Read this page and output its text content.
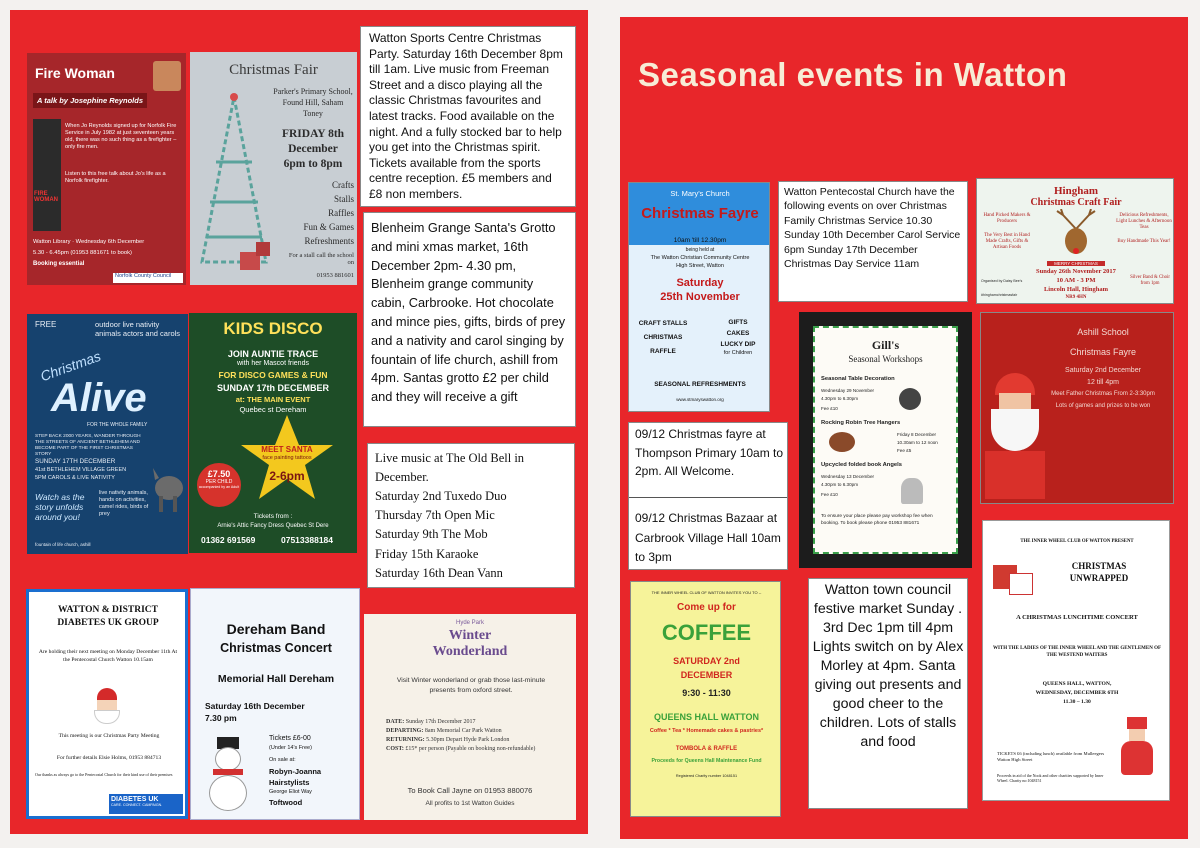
Fire Woman
A talk by Josephine Reynolds
FIRE WOMAN
When Jo Reynolds signed up for Norfolk Fire Service in July 1982 at just seventeen years old, there was no such thing as a firefighter – only fire men.
Listen to this free talk about Jo's life as a Norfolk firefighter.
Watton Library · Wednesday 6th December
5.30 - 6.45pm (01953 881671 to book)
Booking essential
Norfolk County Council
Christmas Fair
Parker's Primary School, Found Hill, Saham Toney
FRIDAY 8th
December
6pm to 8pm
Crafts
Stalls
Raffles
Fun & Games
Refreshments
For a stall call the school on
01953 881601
Watton Sports Centre Christmas Party. Saturday 16th December 8pm till 1am. Live music from Freeman Street and a disco playing all the classic Christmas favourites and latest tracks. Food available on the night. And a fully stocked bar to help you get into the Christmas spirit. Tickets available from the sports centre reception. £5 members and £8 non members.
Blenheim Grange Santa's Grotto and mini xmas market, 16th December 2pm- 4.30 pm, Blenheim grange community cabin, Carbrooke. Hot chocolate and mince pies, gifts, birds of prey and a nativity and carol singing by fountain of life church, ashill from 4pm. Santas grotto £2 per child and they will receive a gift
FREE	outdoor live nativity animals actors and carols
Christmas
Alive
FOR THE WHOLE FAMILY
STEP BACK 2000 YEARS, WANDER THROUGH THE STREETS OF ANCIENT BETHLEHEM AND BECOME PART OF THE FIRST CHRISTMAS STORY
SUNDAY 17TH DECEMBER
41st BETHLEHEM VILLAGE GREEN
5PM CAROLS & LIVE NATIVITY
Watch as the story unfolds around you!
live nativity animals, hands on activities, camel rides, birds of prey
fountain of life church, ashill
KIDS DISCO
JOIN AUNTIE TRACE
with her Mascot friends
FOR DISCO GAMES & FUN
SUNDAY 17th DECEMBER
at: THE MAIN EVENT
Quebec st Dereham
MEET SANTA
face painting tattoos
2-6pm
£7.50
PER CHILD
accompanied by an Adult
Tickets from :
Arnie's Attic Fancy Dress Quebec St Dere
01362 691569	07513388184
Live music at The Old Bell in December.
Saturday 2nd Tuxedo Duo
Thursday 7th Open Mic
Saturday 9th The Mob
Friday 15th Karaoke
Saturday 16th Dean Vann
WATTON & DISTRICT DIABETES UK GROUP
Are holding their next meeting on Monday December 11th At the Pentecostal Church Watton 10.15am
This meeting is our Christmas Party Meeting
For further details Elsie Holms, 01953 884713
Our thanks as always go to the Pentecostal Church for their kind use of their premises
DIABETES UK
CARE. CONNECT. CAMPAIGN.
Dereham Band
Christmas Concert
Memorial Hall Dereham
Saturday 16th December
7.30 pm
Tickets £6-00
(Under 14's Free)
On sale at:
Robyn-Joanna
Hairstylists
George Eliot Way
Toftwood
Hyde Park
Winter
Wonderland
Visit Winter wonderland or grab those last-minute presents from oxford street.
DATE: Sunday 17th December 2017
DEPARTING: 8am Memorial Car Park Watton
RETURNING: 5.30pm Depart Hyde Park London
COST: £15* per person (Payable on booking non-refundable)
To Book Call Jayne on 01953 880076
All profits to 1st Watton Guides
Seasonal events in Watton
St. Mary's Church
Christmas Fayre
10am 'till 12.30pm
being held at
The Watton Christian Community Centre
High Street, Watton
Saturday
25th November
CRAFT STALLS
CHRISTMAS RAFFLE
GIFTS
CAKES
LUCKY DIP
for Children
SEASONAL REFRESHMENTS
www.stmaryswatton.org
Watton Pentecostal Church have the following events on over Christmas Family Christmas Service 10.30 Sunday 10th December Carol Service 6pm Sunday 17th December Christmas Day Service 11am
Hingham
Christmas Craft Fair
Hand Picked Makers & Producers
The Very Best in Hand Made Crafts, Gifts & Artisan Foods
Delicious Refreshments, Light Lunches & Afternoon Teas
Buy Handmade This Year!
MERRY CHRISTMAS
Sunday 26th November 2017
10 AM - 3 PM
Lincoln Hall, Hingham
NR9 4HN
Silver Band & Choir from 1pm
Organised by Daisy Bee's
#hinghamchristmasfair
09/12 Christmas fayre at Thompson Primary 10am to 2pm. All Welcome.
09/12 Christmas Bazaar at Carbrook Village Hall 10am to 3pm
Gill's
Seasonal Workshops
Seasonal Table Decoration
Wednesday 29 November
4.30pm to 6.30pm
Fee £10
Rocking Robin Tree Hangers
Friday 8 December
10.30am to 12 noon
Fee £5
Upcycled folded book Angels
Wednesday 13 December
4.30pm to 6.30pm
Fee £10
To ensure your place please pay workshop fee when booking. To book please phone 01953 881671
Ashill School
Christmas Fayre
Saturday 2nd December
12 till 4pm
Meet Father Christmas From 2-3:30pm
Lots of games and prizes to be won
THE INNER WHEEL CLUB OF WATTON INVITES YOU TO --
Come up for
COFFEE
SATURDAY 2nd
DECEMBER
9:30 - 11:30
QUEENS HALL WATTON
Coffee * Tea * Homemade cakes & pastries*
TOMBOLA & RAFFLE
Proceeds for Queens Hall Maintenance Fund
Registered Charity number 1048151
Watton town council festive market Sunday . 3rd Dec 1pm till 4pm Lights switch on by Alex Morley at 4pm. Santa giving out presents and good cheer to the children. Lots of stalls and food
THE INNER WHEEL CLUB OF WATTON PRESENT
CHRISTMAS
UNWRAPPED
A CHRISTMAS LUNCHTIME CONCERT
WITH THE LADIES OF THE INNER WHEEL AND THE GENTLEMEN OF THE WESTEND WAITERS
QUEENS HALL, WATTON,
WEDNESDAY, DECEMBER 6TH
11.30 – 1.30
TICKETS £6 (including lunch) available from Mulleegers Watton High Street
Proceeds in aid of the Nook and other charities supported by Inner Wheel. Charity no:1048151
